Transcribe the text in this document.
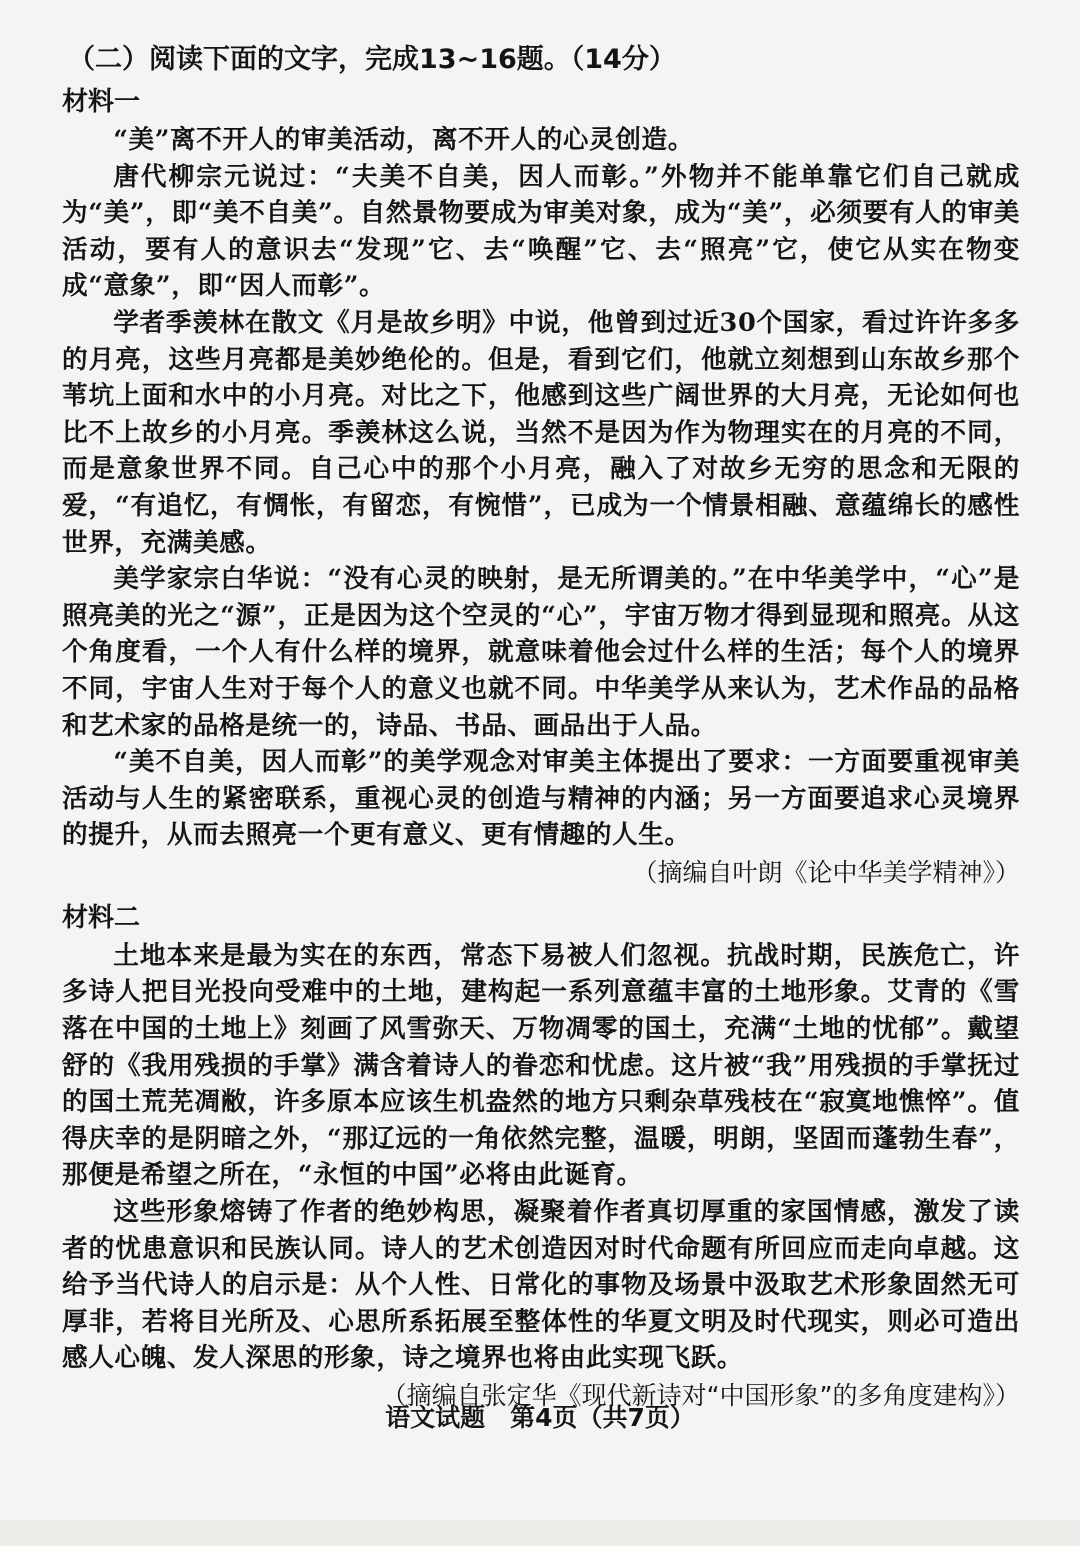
（二）阅读下面的文字，完成13~16题。（14分）
材料一

“美”离不开人的审美活动，离不开人的心灵创造。

唐代柳宗元说过：“夫美不自美，因人而彰。”外物并不能单靠它们自己就成为“美”，即“美不自美”。自然景物要成为审美对象，成为“美”，必须要有人的审美活动，要有人的意识去“发现”它、去“唤醒”它、去“照亮”它，使它从实在物变成“意象”，即“因人而彰”。

学者季羡林在散文《月是故乡明》中说，他曾到过近30个国家，看过许许多多的月亮，这些月亮都是美妙绝伦的。但是，看到它们，他就立刻想到山东故乡那个苇坑上面和水中的小月亮。对比之下，他感到这些广阔世界的大月亮，无论如何也比不上故乡的小月亮。季羡林这么说，当然不是因为作为物理实在的月亮的不同，而是意象世界不同。自己心中的那个小月亮，融入了对故乡无穷的思念和无限的爱，“有追忆，有惆怅，有留恋，有惋惜”，已成为一个情景相融、意蕴绵长的感性世界，充满美感。

美学家宗白华说：“没有心灵的映射，是无所谓美的。”在中华美学中，“心”是照亮美的光之“源”，正是因为这个空灵的“心”，宇宙万物才得到显现和照亮。从这个角度看，一个人有什么样的境界，就意味着他会过什么样的生活；每个人的境界不同，宇宙人生对于每个人的意义也就不同。中华美学从来认为，艺术作品的品格和艺术家的品格是统一的，诗品、书品、画品出于人品。

“美不自美，因人而彰”的美学观念对审美主体提出了要求：一方面要重视审美活动与人生的紧密联系，重视心灵的创造与精神的内涵；另一方面要追求心灵境界的提升，从而去照亮一个更有意义、更有情趣的人生。

（摘编自叶朗《论中华美学精神》）
材料二

土地本来是最为实在的东西，常态下易被人们忽视。抗战时期，民族危亡，许多诗人把目光投向受难中的土地，建构起一系列意蕴丰富的土地形象。艾青的《雪落在中国的土地上》刻画了风雪弥天、万物凋零的国土，充满“土地的忧郁”。戴望舒的《我用残损的手掌》满含着诗人的眷恋和忧虑。这片被“我”用残损的手掌抚过的国土荒芜凋敝，许多原本应该生机盎然的地方只剩杂草残枝在“寂寞地憔悴”。值得庆幸的是阴暗之外，“那辽远的一角依然完整，温暖，明朗，坚固而蓬勃生春”，那便是希望之所在，“永恒的中国”必将由此诞育。

这些形象熔铸了作者的绝妙构思，凝聚着作者真切厚重的家国情感，激发了读者的忧患意识和民族认同。诗人的艺术创造因对时代命题有所回应而走向卓越。这给予当代诗人的启示是：从个人性、日常化的事物及场景中汲取艺术形象固然无可厚非，若将目光所及、心思所系拓展至整体性的华夏文明及时代现实，则必可造出感人心魄、发人深思的形象，诗之境界也将由此实现飞跃。

（摘编自张定华《现代新诗对“中国形象”的多角度建构》）
语文试题　第4页（共7页）
